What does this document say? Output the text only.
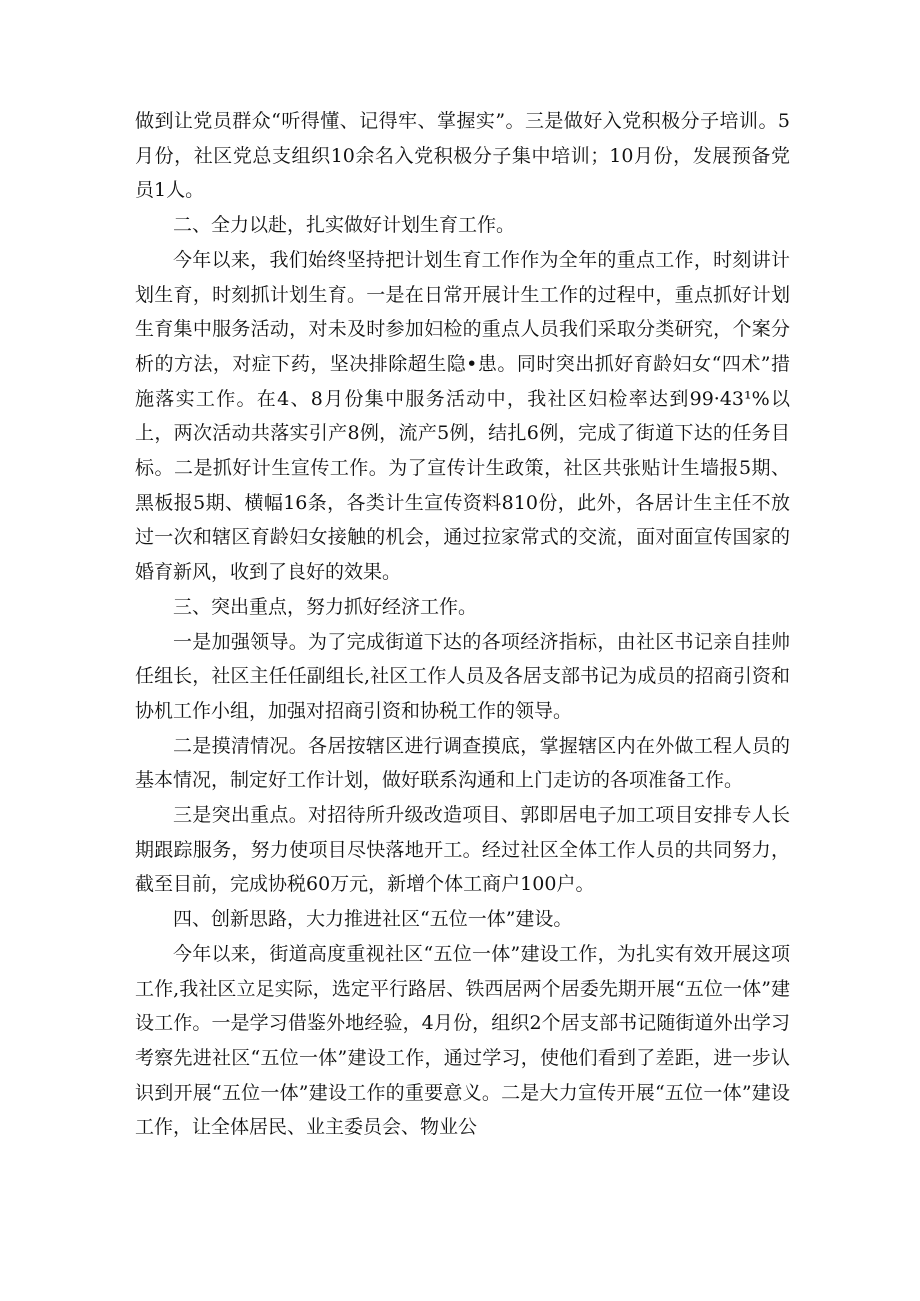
做到让党员群众“听得懂、记得牢、掌握实”。三是做好入党积极分子培训。5月份，社区党总支组织10余名入党积极分子集中培训；10月份，发展预备党员1人。

二、全力以赴，扎实做好计划生育工作。

今年以来，我们始终坚持把计划生育工作作为全年的重点工作，时刻讲计划生育，时刻抓计划生育。一是在日常开展计生工作的过程中，重点抓好计划生育集中服务活动，对未及时参加妇检的重点人员我们采取分类研究，个案分析的方法，对症下药，坚决排除超生隐•患。同时突出抓好育龄妇女“四术”措施落实工作。在4、8月份集中服务活动中，我社区妇检率达到99·43¹%以上，两次活动共落实引产8例，流产5例，结扎6例，完成了街道下达的任务目标。二是抓好计生宣传工作。为了宣传计生政策，社区共张贴计生墙报5期、黑板报5期、横幅16条，各类计生宣传资料810份，此外，各居计生主任不放过一次和辖区育龄妇女接触的机会，通过拉家常式的交流，面对面宣传国家的婚育新风，收到了良好的效果。

三、突出重点，努力抓好经济工作。

一是加强领导。为了完成街道下达的各项经济指标，由社区书记亲自挂帅任组长，社区主任任副组长,社区工作人员及各居支部书记为成员的招商引资和协机工作小组，加强对招商引资和协税工作的领导。

二是摸清情况。各居按辖区进行调查摸底，掌握辖区内在外做工程人员的基本情况，制定好工作计划，做好联系沟通和上门走访的各项准备工作。

三是突出重点。对招待所升级改造项目、郭即居电子加工项目安排专人长期跟踪服务，努力使项目尽快落地开工。经过社区全体工作人员的共同努力，截至目前，完成协税60万元，新增个体工商户100户。

四、创新思路，大力推进社区“五位一体”建设。

今年以来，街道高度重视社区“五位一体”建设工作，为扎实有效开展这项工作,我社区立足实际，选定平行路居、铁西居两个居委先期开展“五位一体”建设工作。一是学习借鉴外地经验，4月份，组织2个居支部书记随街道外出学习考察先进社区“五位一体”建设工作，通过学习，使他们看到了差距，进一步认识到开展“五位一体”建设工作的重要意义。二是大力宣传开展“五位一体”建设工作，让全体居民、业主委员会、物业公
